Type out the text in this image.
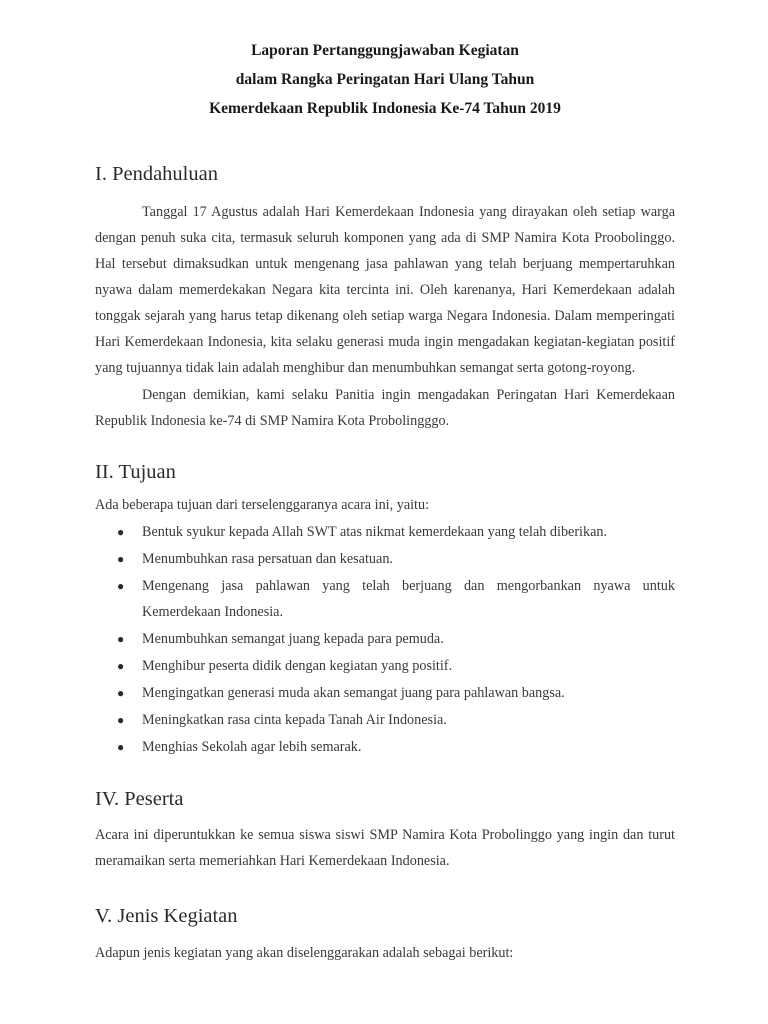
Laporan Pertanggungjawaban Kegiatan
dalam Rangka Peringatan Hari Ulang Tahun
Kemerdekaan Republik Indonesia Ke-74 Tahun 2019
I. Pendahuluan

Tanggal 17 Agustus adalah Hari Kemerdekaan Indonesia yang dirayakan oleh setiap warga dengan penuh suka cita, termasuk seluruh komponen yang ada di SMP Namira Kota Proobolinggo. Hal tersebut dimaksudkan untuk mengenang jasa pahlawan yang telah berjuang mempertaruhkan nyawa dalam memerdekakan Negara kita tercinta ini. Oleh karenanya, Hari Kemerdekaan adalah tonggak sejarah yang harus tetap dikenang oleh setiap warga Negara Indonesia. Dalam memperingati Hari Kemerdekaan Indonesia, kita selaku generasi muda ingin mengadakan kegiatan-kegiatan positif yang tujuannya tidak lain adalah menghibur dan menumbuhkan semangat serta gotong-royong.

Dengan demikian, kami selaku Panitia ingin mengadakan Peringatan Hari Kemerdekaan Republik Indonesia ke-74 di SMP Namira Kota Probolingggo.

II. Tujuan

Ada beberapa tujuan dari terselenggaranya acara ini, yaitu:

● Bentuk syukur kepada Allah SWT atas nikmat kemerdekaan yang telah diberikan.
● Menumbuhkan rasa persatuan dan kesatuan.
● Mengenang jasa pahlawan yang telah berjuang dan mengorbankan nyawa untuk Kemerdekaan Indonesia.
● Menumbuhkan semangat juang kepada para pemuda.
● Menghibur peserta didik dengan kegiatan yang positif.
● Mengingatkan generasi muda akan semangat juang para pahlawan bangsa.
● Meningkatkan rasa cinta kepada Tanah Air Indonesia.
● Menghias Sekolah agar lebih semarak.
IV. Peserta

Acara ini diperuntukkan ke semua siswa siswi SMP Namira Kota Probolinggo yang ingin dan turut meramaikan serta memeriahkan Hari Kemerdekaan Indonesia.

V. Jenis Kegiatan

Adapun jenis kegiatan yang akan diselenggarakan adalah sebagai berikut:
